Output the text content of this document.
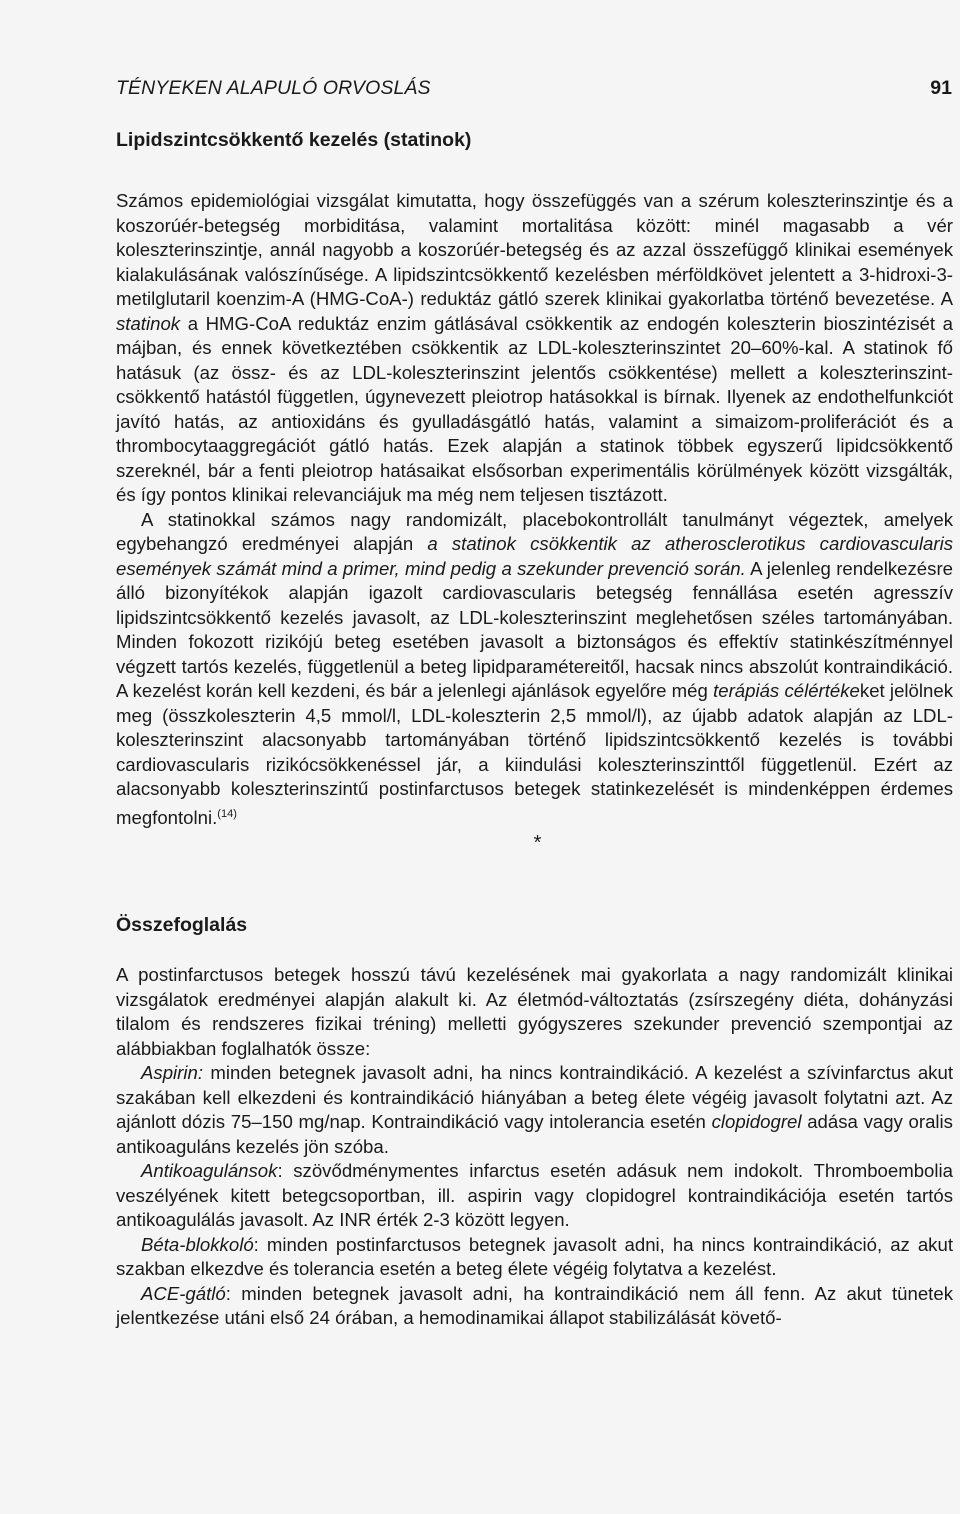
TÉNYEKEN ALAPULÓ ORVOSLÁS	91
Lipidszintcsökkentő kezelés (statinok)

Számos epidemiológiai vizsgálat kimutatta, hogy összefüggés van a szérum koleszterinszintje és a koszorúér-betegség morbiditása, valamint mortalitása között: minél magasabb a vér koleszterinszintje, annál nagyobb a koszorúér-betegség és az azzal összefüggő klinikai események kialakulásának valószínűsége. A lipidszintcsökkentő kezelésben mérföldkövet jelentett a 3-hidroxi-3-metilglutaril koenzim-A (HMG-CoA-) reduktáz gátló szerek klinikai gyakorlatba történő bevezetése. A statinok a HMG-CoA reduktáz enzim gátlásával csökkentik az endogén koleszterin bioszintézisét a májban, és ennek következtében csökkentik az LDL-koleszterinszintet 20–60%-kal. A statinok fő hatásuk (az össz- és az LDL-koleszterinszint jelentős csökkentése) mellett a koleszterinszint-csökkentő hatástól független, úgynevezett pleiotrop hatásokkal is bírnak. Ilyenek az endothelfunkciót javító hatás, az antioxidáns és gyulladásgátló hatás, valamint a simaizom-proliferációt és a thrombocytaaggregációt gátló hatás. Ezek alapján a statinok többek egyszerű lipidcsökkentő szereknél, bár a fenti pleiotrop hatásaikat elsősorban experimentális körülmények között vizsgálták, és így pontos klinikai relevanciájuk ma még nem teljesen tisztázott.

A statinokkal számos nagy randomizált, placebokontrollált tanulmányt végeztek, amelyek egybehangzó eredményei alapján a statinok csökkentik az atherosclerotikus cardiovascularis események számát mind a primer, mind pedig a szekunder prevenció során. A jelenleg rendelkezésre álló bizonyítékok alapján igazolt cardiovascularis betegség fennállása esetén agresszív lipidszintcsökkentő kezelés javasolt, az LDL-koleszterinszint meglehetősen széles tartományában. Minden fokozott rizikójú beteg esetében javasolt a biztonságos és effektív statinkészítménnyel végzett tartós kezelés, függetlenül a beteg lipidparamétereitől, hacsak nincs abszolút kontraindikáció. A kezelést korán kell kezdeni, és bár a jelenlegi ajánlások egyelőre még terápiás célértékeket jelölnek meg (összkoleszterin 4,5 mmol/l, LDL-koleszterin 2,5 mmol/l), az újabb adatok alapján az LDL-koleszterinszint alacsonyabb tartományában történő lipidszintcsökkentő kezelés is további cardiovascularis rizikócsökkenéssel jár, a kiindulási koleszterinszinttől függetlenül. Ezért az alacsonyabb koleszterinszintű postinfarctusos betegek statinkezelését is mindenképpen érdemes megfontolni.$^{(14)}$

*
Összefoglalás

A postinfarctusos betegek hosszú távú kezelésének mai gyakorlata a nagy randomizált klinikai vizsgálatok eredményei alapján alakult ki. Az életmód-változtatás (zsírszegény diéta, dohányzási tilalom és rendszeres fizikai tréning) melletti gyógyszeres szekunder prevenció szempontjai az alábbiakban foglalhatók össze:

Aspirin: minden betegnek javasolt adni, ha nincs kontraindikáció. A kezelést a szívinfarctus akut szakában kell elkezdeni és kontraindikáció hiányában a beteg élete végéig javasolt folytatni azt. Az ajánlott dózis 75–150 mg/nap. Kontraindikáció vagy intolerancia esetén clopidogrel adása vagy oralis antikoaguláns kezelés jön szóba.

Antikoagulánsok: szövődménymentes infarctus esetén adásuk nem indokolt. Thromboembolia veszélyének kitett betegcsoportban, ill. aspirin vagy clopidogrel kontraindikációja esetén tartós antikoagulálás javasolt. Az INR érték 2-3 között legyen.

Béta-blokkoló: minden postinfarctusos betegnek javasolt adni, ha nincs kontraindikáció, az akut szakban elkezdve és tolerancia esetén a beteg élete végéig folytatva a kezelést.

ACE-gátló: minden betegnek javasolt adni, ha kontraindikáció nem áll fenn. Az akut tünetek jelentkezése utáni első 24 órában, a hemodinamikai állapot stabilizálását követő-
